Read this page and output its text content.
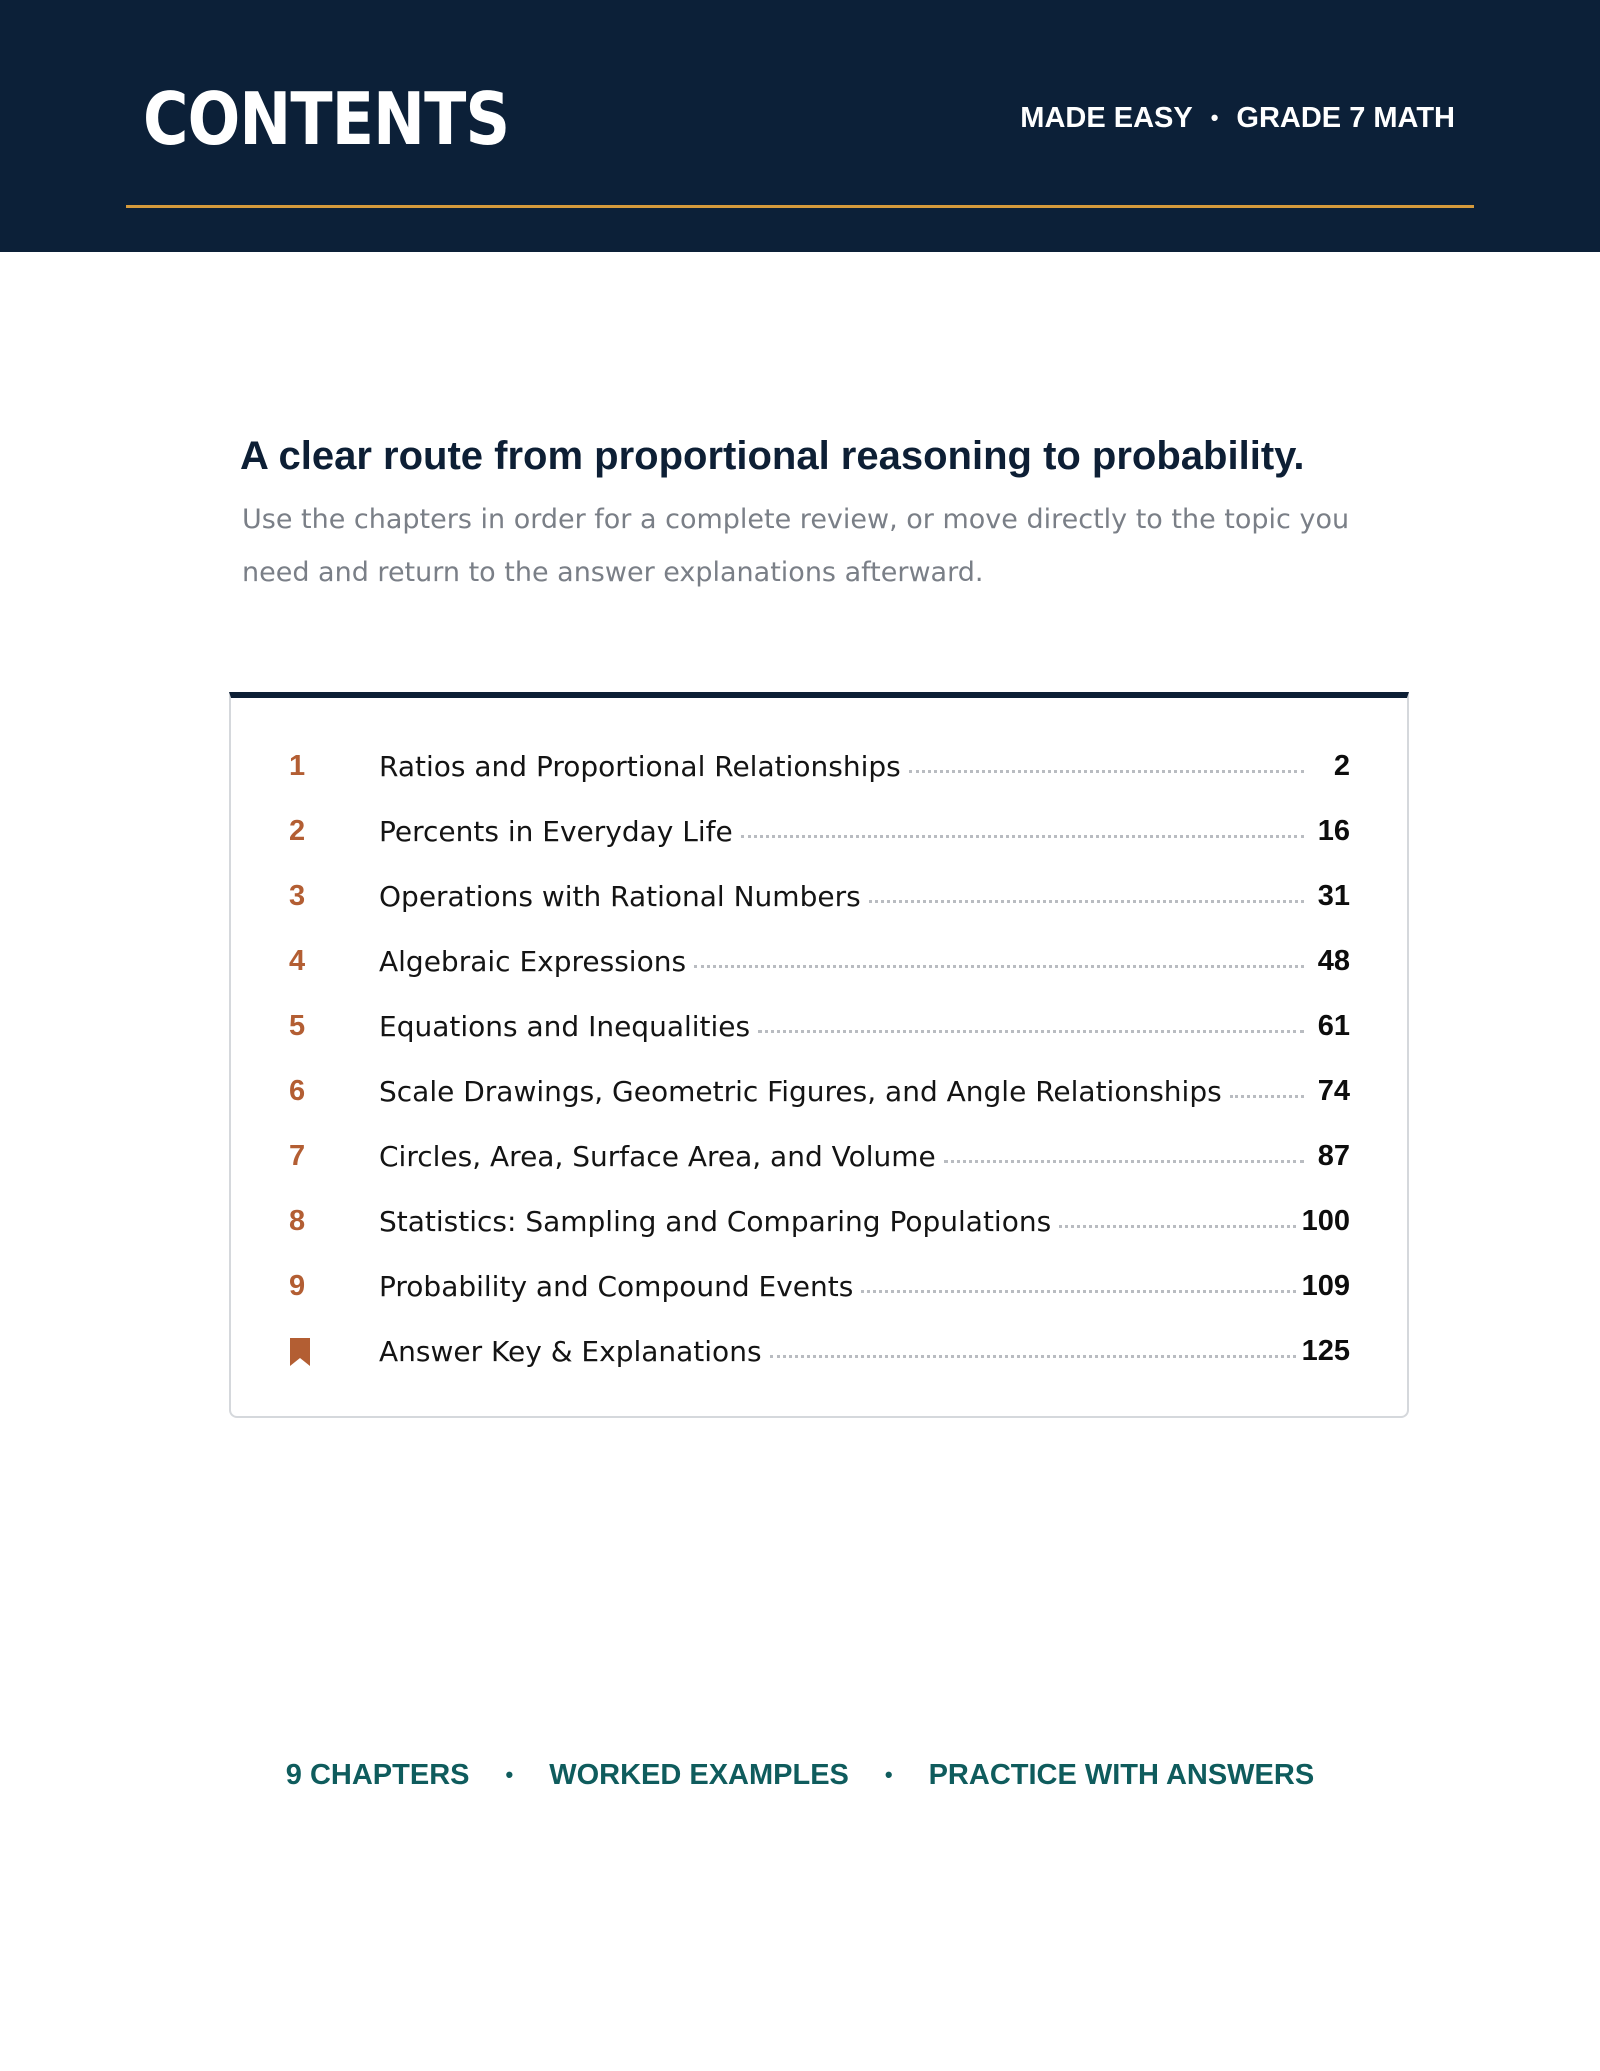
CONTENTS	MADE EASY • GRADE 7 MATH
A clear route from proportional reasoning to probability.

Use the chapters in order for a complete review, or move directly to the topic you need and return to the answer explanations afterward.

1	Ratios and Proportional Relationships	2
2	Percents in Everyday Life	16
3	Operations with Rational Numbers	31
4	Algebraic Expressions	48
5	Equations and Inequalities	61
6	Scale Drawings, Geometric Figures, and Angle Relationships	74
7	Circles, Area, Surface Area, and Volume	87
8	Statistics: Sampling and Comparing Populations	100
9	Probability and Compound Events	109
Answer Key & Explanations	125
9 CHAPTERS • WORKED EXAMPLES • PRACTICE WITH ANSWERS
